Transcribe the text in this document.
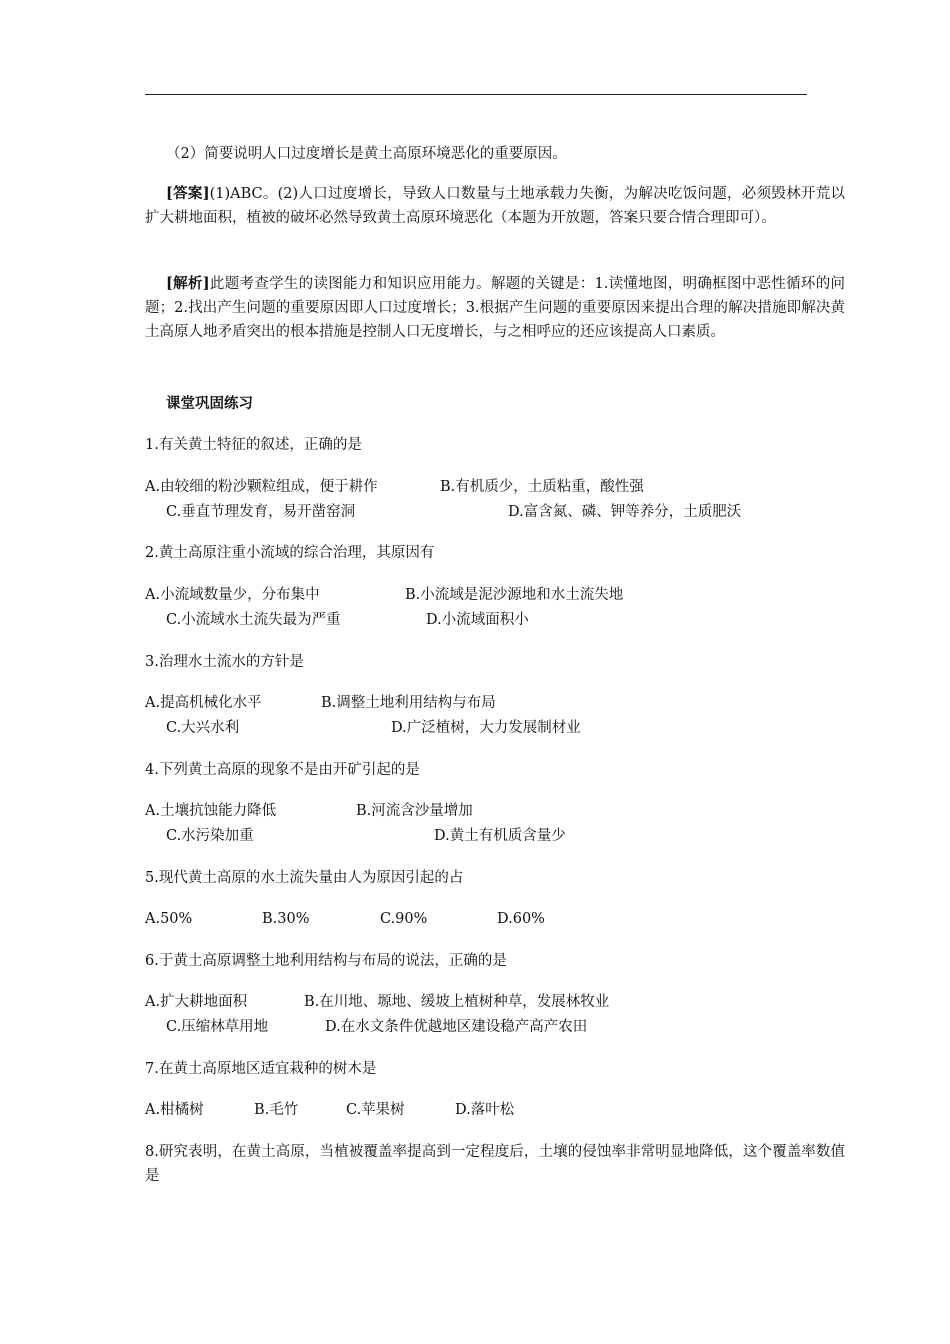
（2）简要说明人口过度增长是黄土高原环境恶化的重要原因。
[答案](1)ABC。(2)人口过度增长，导致人口数量与土地承载力失衡，为解决吃饭问题，必须毁林开荒以扩大耕地面积，植被的破坏必然导致黄土高原环境恶化（本题为开放题，答案只要合情合理即可）。
[解析]此题考查学生的读图能力和知识应用能力。解题的关键是：1.读懂地图，明确框图中恶性循环的问题；2.找出产生问题的重要原因即人口过度增长；3.根据产生问题的重要原因来提出合理的解决措施即解决黄土高原人地矛盾突出的根本措施是控制人口无度增长，与之相呼应的还应该提高人口素质。
课堂巩固练习
1.有关黄土特征的叙述，正确的是
A.由较细的粉沙颗粒组成，便于耕作	B.有机质少，土质粘重，酸性强
C.垂直节理发育，易开凿窑洞	D.富含氮、磷、钾等养分，土质肥沃
2.黄土高原注重小流域的综合治理，其原因有
A.小流域数量少，分布集中	B.小流域是泥沙源地和水土流失地
C.小流域水土流失最为严重	D.小流域面积小
3.治理水土流水的方针是
A.提高机械化水平	B.调整土地利用结构与布局
C.大兴水利	D.广泛植树，大力发展制材业
4.下列黄土高原的现象不是由开矿引起的是
A.土壤抗蚀能力降低	B.河流含沙量增加
C.水污染加重	D.黄土有机质含量少
5.现代黄土高原的水土流失量由人为原因引起的占
A.50%	B.30%	C.90%	D.60%
6.于黄土高原调整土地利用结构与布局的说法，正确的是
A.扩大耕地面积	B.在川地、塬地、缓坡上植树种草，发展林牧业
C.压缩林草用地	D.在水文条件优越地区建设稳产高产农田
7.在黄土高原地区适宜栽种的树木是
A.柑橘树	B.毛竹	C.苹果树	D.落叶松
8.研究表明，在黄土高原，当植被覆盖率提高到一定程度后，土壤的侵蚀率非常明显地降低，这个覆盖率数值是
